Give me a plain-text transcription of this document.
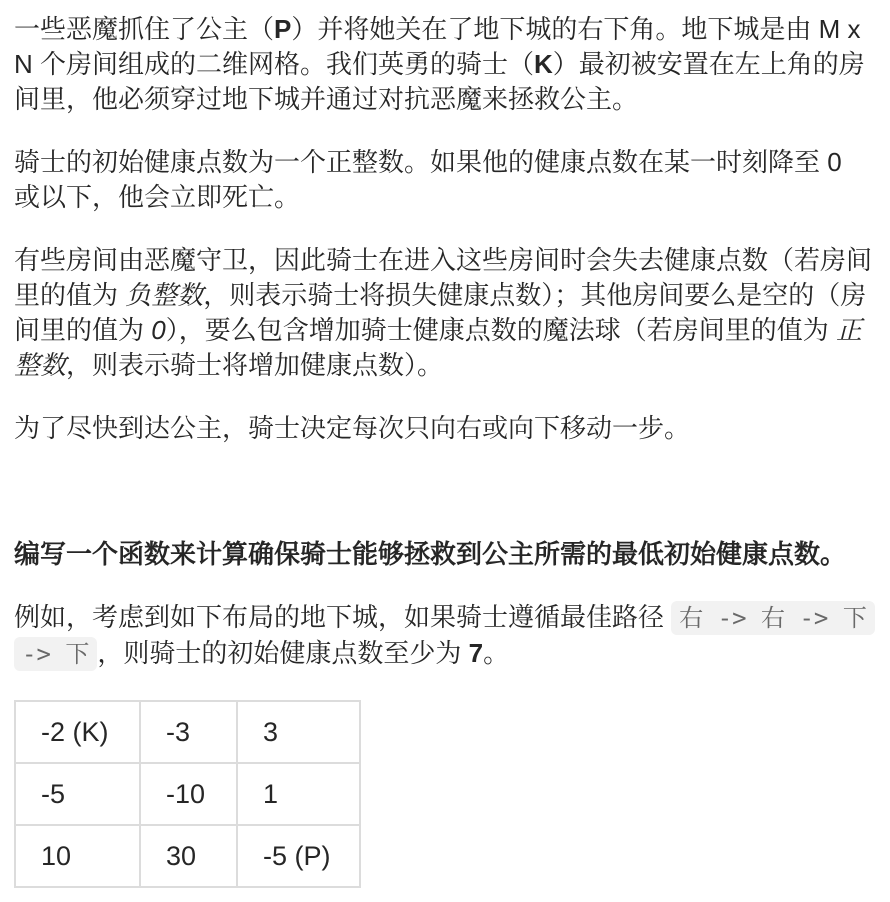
一些恶魔抓住了公主（P）并将她关在了地下城的右下角。地下城是由 M x N 个房间组成的二维网格。我们英勇的骑士（K）最初被安置在左上角的房间里，他必须穿过地下城并通过对抗恶魔来拯救公主。

骑士的初始健康点数为一个正整数。如果他的健康点数在某一时刻降至 0 或以下，他会立即死亡。

有些房间由恶魔守卫，因此骑士在进入这些房间时会失去健康点数（若房间里的值为 负整数，则表示骑士将损失健康点数）；其他房间要么是空的（房间里的值为 0），要么包含增加骑士健康点数的魔法球（若房间里的值为 正整数，则表示骑士将增加健康点数）。

为了尽快到达公主，骑士决定每次只向右或向下移动一步。

编写一个函数来计算确保骑士能够拯救到公主所需的最低初始健康点数。

例如，考虑到如下布局的地下城，如果骑士遵循最佳路径 右 -> 右 -> 下 -> 下 ，则骑士的初始健康点数至少为 7。

-2 (K)	-3	3
-5	-10	1
10	30	-5 (P)
